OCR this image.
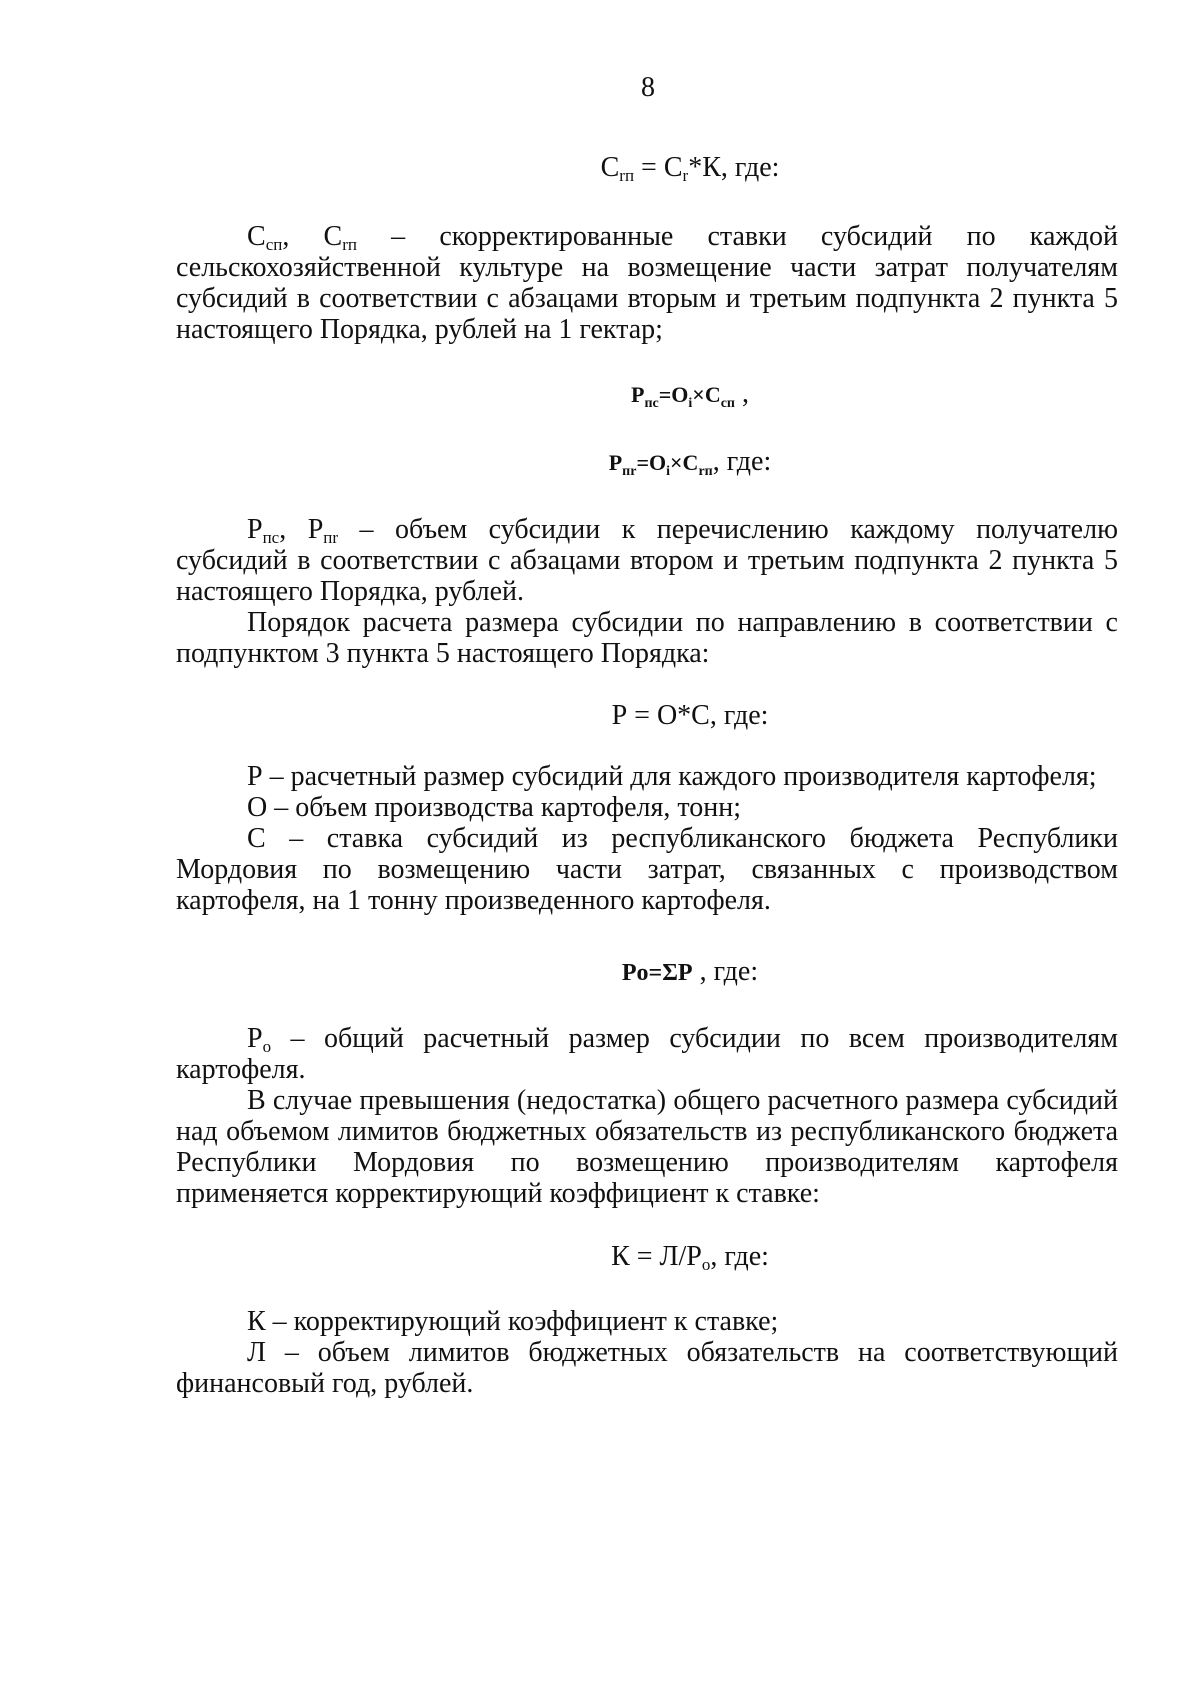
8
$С_{rп} = С_r*К$, где:

$С_{сп}$, $С_{rп}$ – скорректированные ставки субсидий по каждой сельскохозяйственной культуре на возмещение части затрат получателям субсидий в соответствии с абзацами вторым и третьим подпункта 2 пункта 5 настоящего Порядка, рублей на 1 гектар;

$P_{пс}=O_i\times C_{сп}$ ,
$P_{пr}=O_i\times C_{rп}$, где:

$Р_{пс}$, $Р_{пr}$ – объем субсидии к перечислению каждому получателю субсидий в соответствии с абзацами втором и третьим подпункта 2 пункта 5 настоящего Порядка, рублей.

Порядок расчета размера субсидии по направлению в соответствии с подпунктом 3 пункта 5 настоящего Порядка:

Р = О*С, где:

Р – расчетный размер субсидий для каждого производителя картофеля;

О – объем производства картофеля, тонн;

С – ставка субсидий из республиканского бюджета Республики Мордовия по возмещению части затрат, связанных с производством картофеля, на 1 тонну произведенного картофеля.

Po=ΣP , где:

$Р_о$ – общий расчетный размер субсидии по всем производителям картофеля.

В случае превышения (недостатка) общего расчетного размера субсидий над объемом лимитов бюджетных обязательств из республиканского бюджета Республики Мордовия по возмещению производителям картофеля применяется корректирующий коэффициент к ставке:

$К = Л/Р_о$, где:

К – корректирующий коэффициент к ставке;

Л – объем лимитов бюджетных обязательств на соответствующий финансовый год, рублей.
